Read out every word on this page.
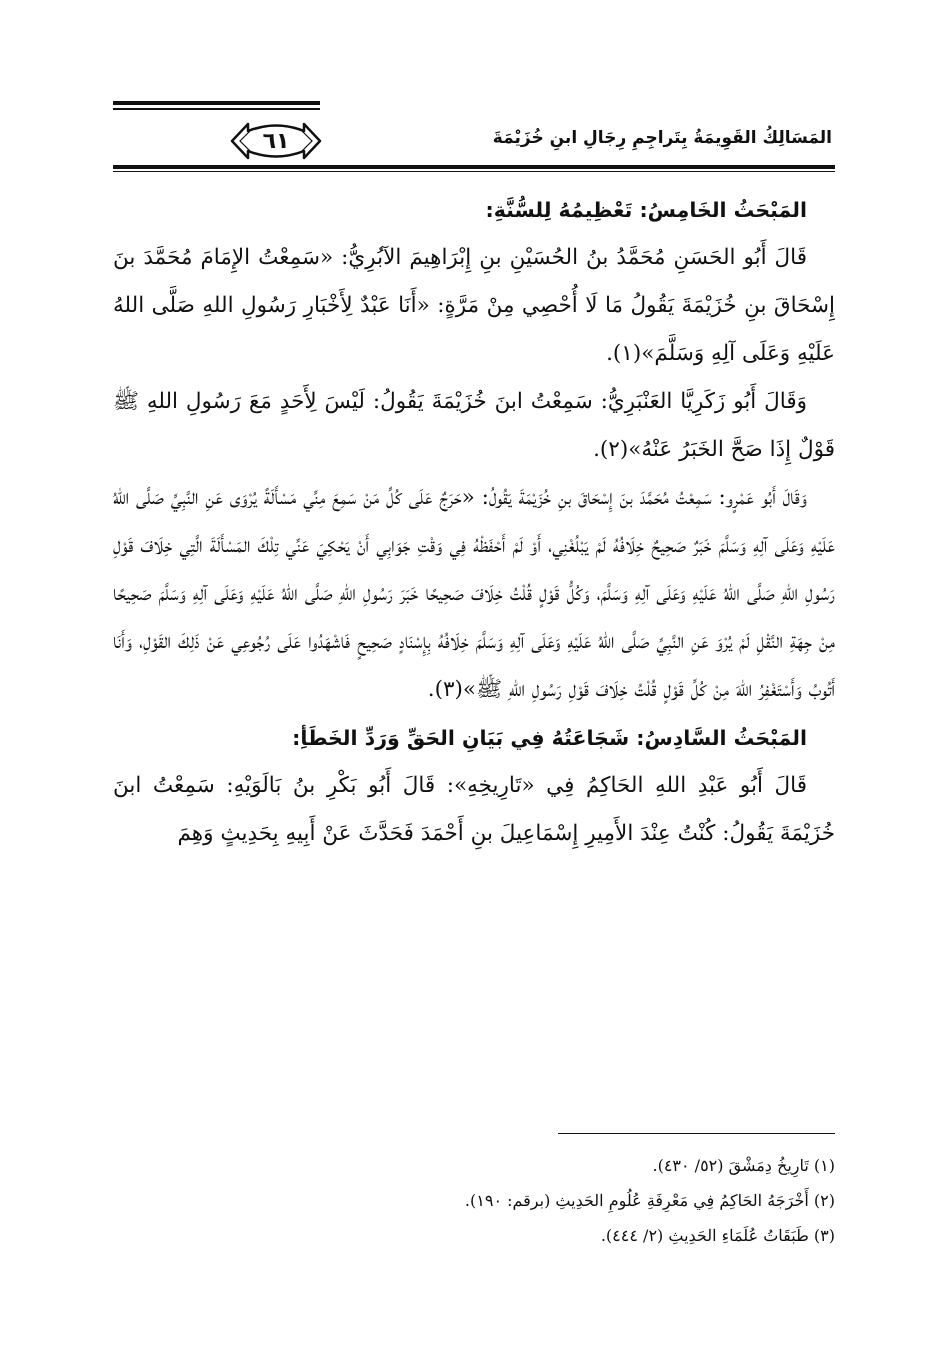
٦١	المَسَالِكُ القَوِيمَةُ بِتَراجِمِ رِجَالِ ابنِ خُزَيْمَةَ
المَبْحَثُ الخَامِسُ: تَعْظِيمُهُ لِلسُّنَّةِ:

قَالَ أَبُو الحَسَنِ مُحَمَّدُ بنُ الحُسَيْنِ بنِ إِبْرَاهِيمَ الآبُرِيُّ: «سَمِعْتُ الإِمَامَ مُحَمَّدَ بنَ إِسْحَاقَ بنِ خُزَيْمَةَ يَقُولُ مَا لَا أُحْصِي مِنْ مَرَّةٍ: «أَنَا عَبْدٌ لِأَخْبَارِ رَسُولِ اللهِ صَلَّى اللهُ عَلَيْهِ وَعَلَى آلِهِ وَسَلَّمَ»(١).

وَقَالَ أَبُو زَكَرِيَّا العَنْبَرِيُّ: سَمِعْتُ ابنَ خُزَيْمَةَ يَقُولُ: لَيْسَ لِأَحَدٍ مَعَ رَسُولِ اللهِ ﷺ قَوْلٌ إِذَا صَحَّ الخَبَرُ عَنْهُ»(٢).

وَقَالَ أَبُو عَمْرٍو: سَمِعْتُ مُحَمَّدَ بنَ إِسْحَاقَ بنِ خُزَيْمَةَ يَقُولُ: «حَرَجٌ عَلَى كُلِّ مَنْ سَمِعَ مِنِّي مَسْأَلَةً يُرْوَى عَنِ النَّبِيِّ صَلَّى اللهُ عَلَيْهِ وَعَلَى آلِهِ وَسَلَّمَ خَبَرٌ صَحِيحٌ خِلَافُهُ لَمْ يَبْلُغْنِي، أَوْ لَمْ أَحْفَظْهُ فِي وَقْتِ جَوَابِي أَنْ يَحْكِيَ عَنِّي تِلْكَ المَسْأَلَةَ الَّتِي خِلَافَ قَوْلِ رَسُولِ اللهِ صَلَّى اللهُ عَلَيْهِ وَعَلَى آلِهِ وَسَلَّمَ، وَكُلُّ قَوْلٍ قُلْتُ خِلَافَ صَحِيحًا خَبَرَ رَسُولِ اللهِ صَلَّى اللهُ عَلَيْهِ وَعَلَى آلِهِ وَسَلَّمَ صَحِيحًا مِنْ جِهَةِ النَّقْلِ لَمْ يُرْوَ عَنِ النَّبِيِّ صَلَّى اللهُ عَلَيْهِ وَعَلَى آلِهِ وَسَلَّمَ خِلَافُهُ بِإِسْنَادٍ صَحِيحٍ فَاشْهَدُوا عَلَى رُجُوعِي عَنْ ذَلِكَ القَوْلِ، وَأَنَا أَتُوبُ وَأَسْتَغْفِرُ اللهَ مِنْ كُلِّ قَوْلٍ قُلْتُ خِلَافَ قَوْلِ رَسُولِ اللهِ ﷺ»(٣).

المَبْحَثُ السَّادِسُ: شَجَاعَتُهُ فِي بَيَانِ الحَقِّ وَرَدِّ الخَطَأِ:

قَالَ أَبُو عَبْدِ اللهِ الحَاكِمُ فِي «تَارِيخِهِ»: قَالَ أَبُو بَكْرِ بنُ بَالَوَيْهِ: سَمِعْتُ ابنَ خُزَيْمَةَ يَقُولُ: كُنْتُ عِنْدَ الأَمِيرِ إِسْمَاعِيلَ بنِ أَحْمَدَ فَحَدَّثَ عَنْ أَبِيهِ بِحَدِيثٍ وَهِمَ

(١) تَارِيخُ دِمَشْقَ (٥٢/ ٤٣٠).
(٢) أَخْرَجَهُ الحَاكِمُ فِي مَعْرِفَةِ عُلُومِ الحَدِيثِ (برقم: ١٩٠).
(٣) طَبَقَاتُ عُلَمَاءِ الحَدِيثِ (٢/ ٤٤٤).
